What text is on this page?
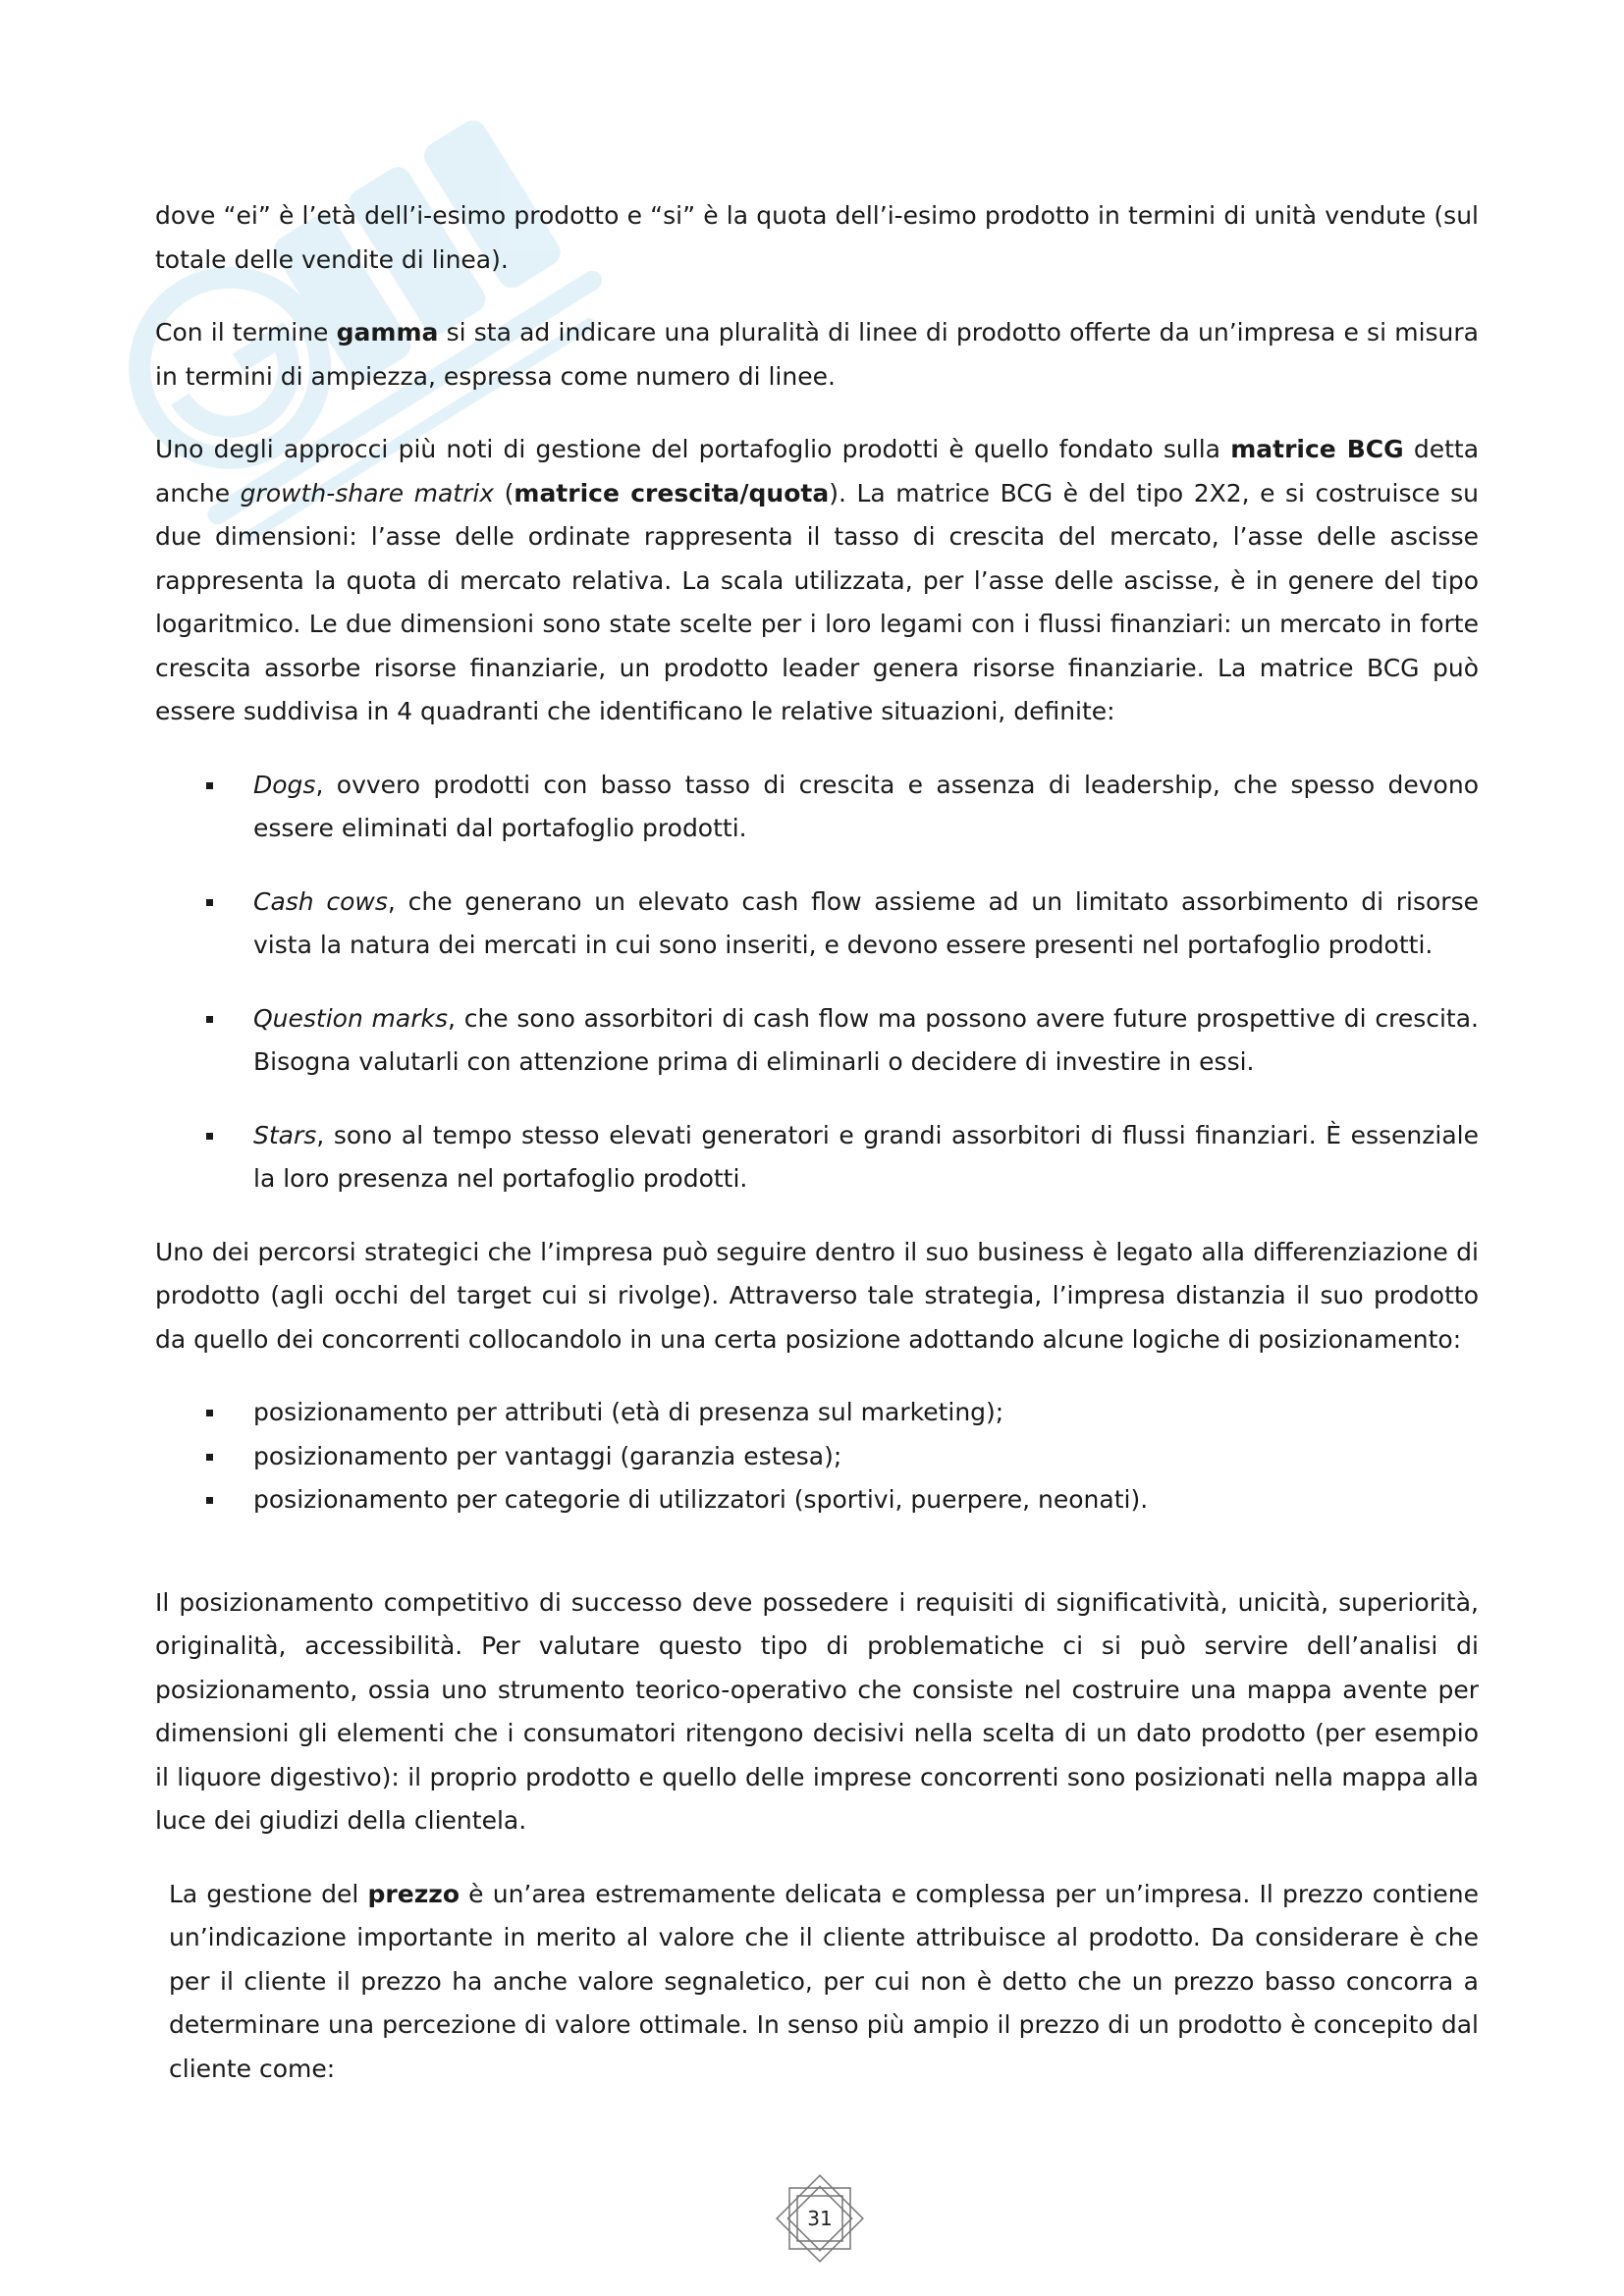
dove “ei” è l’età dell’i-esimo prodotto e “si” è la quota dell’i-esimo prodotto in termini di unità vendute (sul totale delle vendite di linea).

Con il termine gamma si sta ad indicare una pluralità di linee di prodotto offerte da un’impresa e si misura in termini di ampiezza, espressa come numero di linee.

Uno degli approcci più noti di gestione del portafoglio prodotti è quello fondato sulla matrice BCG detta anche growth-share matrix (matrice crescita/quota). La matrice BCG è del tipo 2X2, e si costruisce su due dimensioni: l’asse delle ordinate rappresenta il tasso di crescita del mercato, l’asse delle ascisse rappresenta la quota di mercato relativa. La scala utilizzata, per l’asse delle ascisse, è in genere del tipo logaritmico. Le due dimensioni sono state scelte per i loro legami con i flussi finanziari: un mercato in forte crescita assorbe risorse finanziarie, un prodotto leader genera risorse finanziarie. La matrice BCG può essere suddivisa in 4 quadranti che identificano le relative situazioni, definite:

Dogs, ovvero prodotti con basso tasso di crescita e assenza di leadership, che spesso devono essere eliminati dal portafoglio prodotti.
Cash cows, che generano un elevato cash flow assieme ad un limitato assorbimento di risorse vista la natura dei mercati in cui sono inseriti, e devono essere presenti nel portafoglio prodotti.
Question marks, che sono assorbitori di cash flow ma possono avere future prospettive di crescita. Bisogna valutarli con attenzione prima di eliminarli o decidere di investire in essi.
Stars, sono al tempo stesso elevati generatori e grandi assorbitori di flussi finanziari. È essenziale la loro presenza nel portafoglio prodotti.

Uno dei percorsi strategici che l’impresa può seguire dentro il suo business è legato alla differenziazione di prodotto (agli occhi del target cui si rivolge). Attraverso tale strategia, l’impresa distanzia il suo prodotto da quello dei concorrenti collocandolo in una certa posizione adottando alcune logiche di posizionamento:

posizionamento per attributi (età di presenza sul marketing);
posizionamento per vantaggi (garanzia estesa);
posizionamento per categorie di utilizzatori (sportivi, puerpere, neonati).

Il posizionamento competitivo di successo deve possedere i requisiti di significatività, unicità, superiorità, originalità, accessibilità. Per valutare questo tipo di problematiche ci si può servire dell’analisi di posizionamento, ossia uno strumento teorico-operativo che consiste nel costruire una mappa avente per dimensioni gli elementi che i consumatori ritengono decisivi nella scelta di un dato prodotto (per esempio il liquore digestivo): il proprio prodotto e quello delle imprese concorrenti sono posizionati nella mappa alla luce dei giudizi della clientela.

La gestione del prezzo è un’area estremamente delicata e complessa per un’impresa. Il prezzo contiene un’indicazione importante in merito al valore che il cliente attribuisce al prodotto. Da considerare è che per il cliente il prezzo ha anche valore segnaletico, per cui non è detto che un prezzo basso concorra a determinare una percezione di valore ottimale. In senso più ampio il prezzo di un prodotto è concepito dal cliente come:

31
